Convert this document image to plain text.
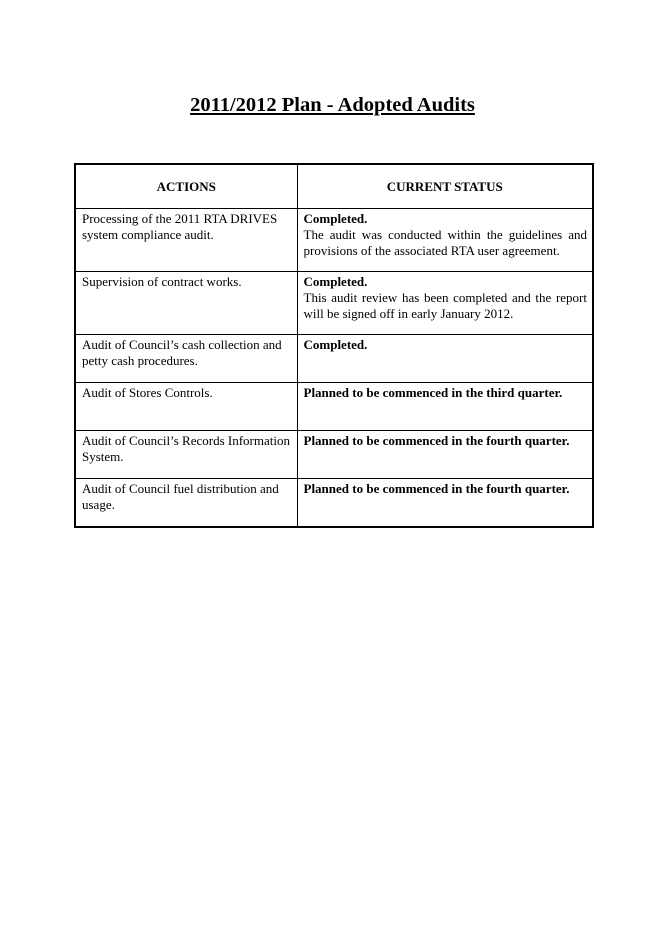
2011/2012 Plan - Adopted Audits
ACTIONS	CURRENT STATUS
Processing of the 2011 RTA DRIVES system compliance audit.	Completed.
The audit was conducted within the guidelines and provisions of the associated RTA user agreement.

Supervision of contract works.	Completed.
This audit review has been completed and the report will be signed off in early January 2012.

Audit of Council’s cash collection and petty cash procedures.	Completed.
Audit of Stores Controls.	Planned to be commenced in the third quarter.
Audit of Council’s Records Information System.	Planned to be commenced in the fourth quarter.
Audit of Council fuel distribution and usage.	Planned to be commenced in the fourth quarter.
